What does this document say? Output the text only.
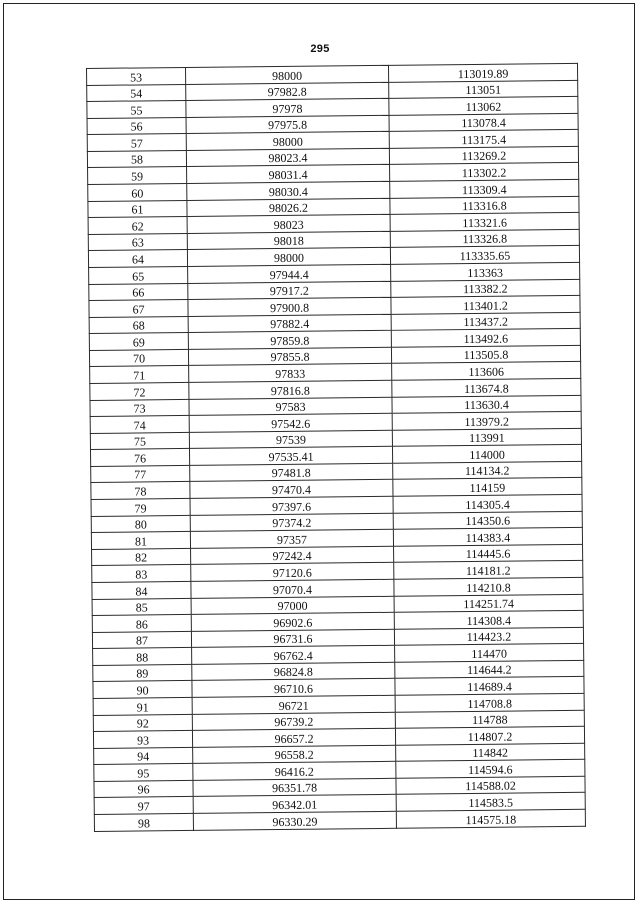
295
53	98000	113019.89
54	97982.8	113051
55	97978	113062
56	97975.8	113078.4
57	98000	113175.4
58	98023.4	113269.2
59	98031.4	113302.2
60	98030.4	113309.4
61	98026.2	113316.8
62	98023	113321.6
63	98018	113326.8
64	98000	113335.65
65	97944.4	113363
66	97917.2	113382.2
67	97900.8	113401.2
68	97882.4	113437.2
69	97859.8	113492.6
70	97855.8	113505.8
71	97833	113606
72	97816.8	113674.8
73	97583	113630.4
74	97542.6	113979.2
75	97539	113991
76	97535.41	114000
77	97481.8	114134.2
78	97470.4	114159
79	97397.6	114305.4
80	97374.2	114350.6
81	97357	114383.4
82	97242.4	114445.6
83	97120.6	114181.2
84	97070.4	114210.8
85	97000	114251.74
86	96902.6	114308.4
87	96731.6	114423.2
88	96762.4	114470
89	96824.8	114644.2
90	96710.6	114689.4
91	96721	114708.8
92	96739.2	114788
93	96657.2	114807.2
94	96558.2	114842
95	96416.2	114594.6
96	96351.78	114588.02
97	96342.01	114583.5
98	96330.29	114575.18
